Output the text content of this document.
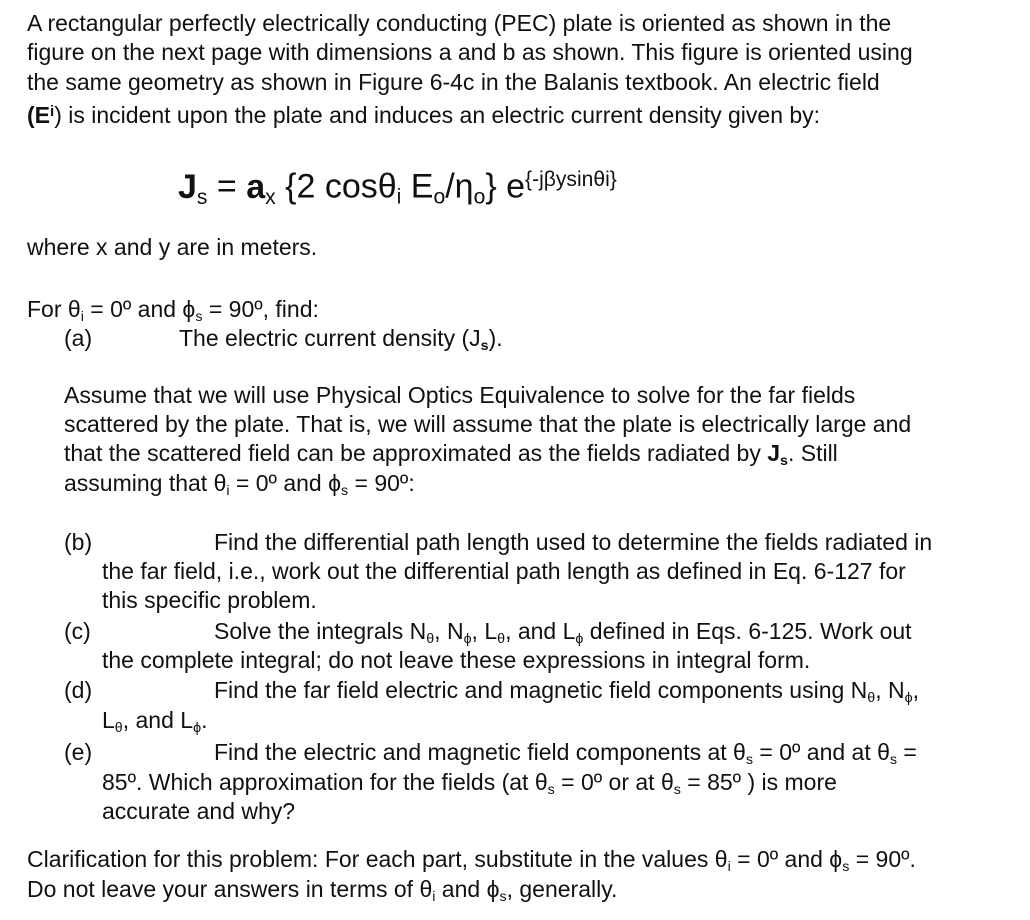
A rectangular perfectly electrically conducting (PEC) plate is oriented as shown in the

figure on the next page with dimensions a and b as shown. This figure is oriented using

the same geometry as shown in Figure 6-4c in the Balanis textbook. An electric field

$(E^i)$ is incident upon the plate and induces an electric current density given by:

$J_s = a_x$ {2 cosθ$_i$ $E_o/\eta_o$} $e^{\{-j\beta ysin\theta i\}}$

where x and y are in meters.

For $\theta_i$ = 0º and $\phi_s$ = 90º, find:

(a)	The electric current density $(J_s)$.

Assume that we will use Physical Optics Equivalence to solve for the far fields

scattered by the plate. That is, we will assume that the plate is electrically large and

that the scattered field can be approximated as the fields radiated by $J_s$. Still

assuming that $\theta_i$ = 0º and $\phi_s$ = 90º:

(b)	Find the differential path length used to determine the fields radiated in

the far field, i.e., work out the differential path length as defined in Eq. 6-127 for

this specific problem.

(c)	Solve the integrals $N_\theta$, $N_\phi$, $L_\theta$, and $L_\phi$ defined in Eqs. 6-125. Work out

the complete integral; do not leave these expressions in integral form.

(d)	Find the far field electric and magnetic field components using $N_\theta$, $N_\phi$,

$L_\theta$, and $L_\phi$.

(e)	Find the electric and magnetic field components at $\theta_s$ = 0º and at $\theta_s$ =

85º. Which approximation for the fields (at $\theta_s$ = 0º or at $\theta_s$ = 85º ) is more

accurate and why?

Clarification for this problem: For each part, substitute in the values $\theta_i$ = 0º and $\phi_s$ = 90º.

Do not leave your answers in terms of $\theta_i$ and $\phi_s$, generally.
